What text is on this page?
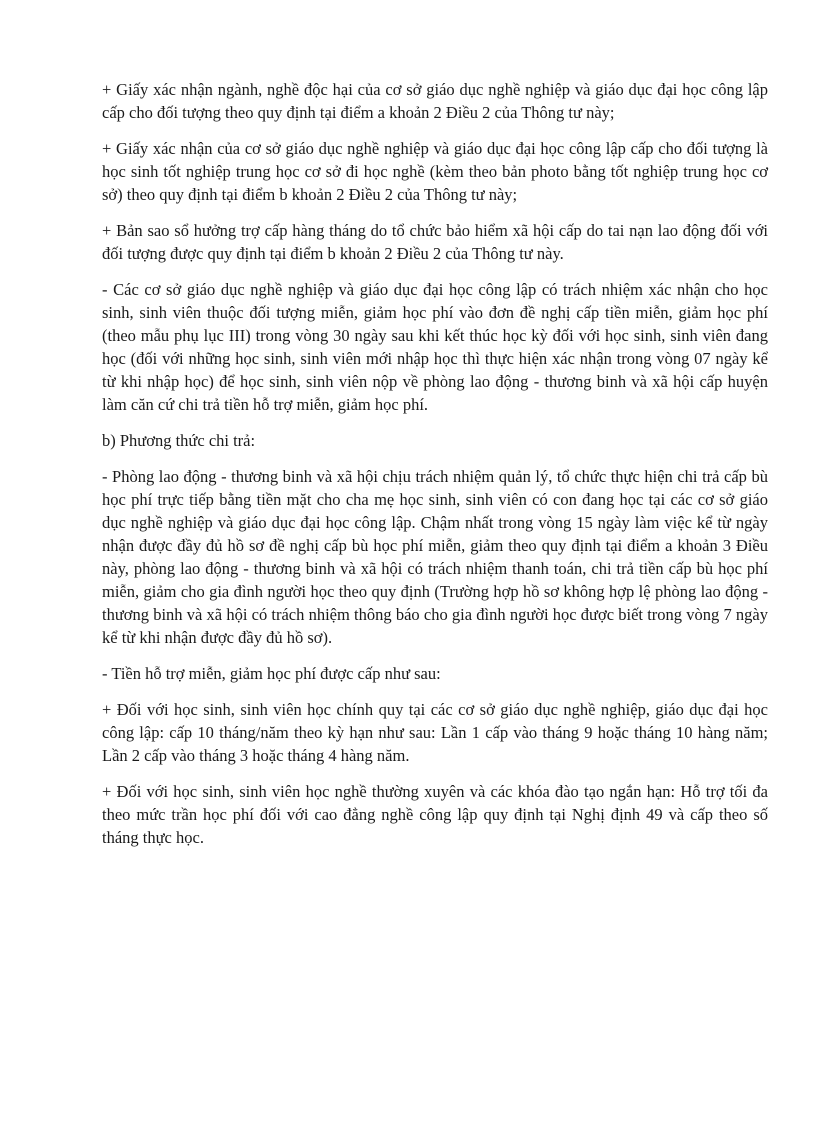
+ Giấy xác nhận ngành, nghề độc hại của cơ sở giáo dục nghề nghiệp và giáo dục đại học công lập cấp cho đối tượng theo quy định tại điểm a khoản 2 Điều 2 của Thông tư này;

+ Giấy xác nhận của cơ sở giáo dục nghề nghiệp và giáo dục đại học công lập cấp cho đối tượng là học sinh tốt nghiệp trung học cơ sở đi học nghề (kèm theo bản photo bằng tốt nghiệp trung học cơ sở) theo quy định tại điểm b khoản 2 Điều 2 của Thông tư này;

+ Bản sao sổ hưởng trợ cấp hàng tháng do tổ chức bảo hiểm xã hội cấp do tai nạn lao động đối với đối tượng được quy định tại điểm b khoản 2 Điều 2 của Thông tư này.

- Các cơ sở giáo dục nghề nghiệp và giáo dục đại học công lập có trách nhiệm xác nhận cho học sinh, sinh viên thuộc đối tượng miễn, giảm học phí vào đơn đề nghị cấp tiền miễn, giảm học phí (theo mẫu phụ lục III) trong vòng 30 ngày sau khi kết thúc học kỳ đối với học sinh, sinh viên đang học (đối với những học sinh, sinh viên mới nhập học thì thực hiện xác nhận trong vòng 07 ngày kể từ khi nhập học) để học sinh, sinh viên nộp về phòng lao động - thương binh và xã hội cấp huyện làm căn cứ chi trả tiền hỗ trợ miễn, giảm học phí.

b) Phương thức chi trả:

- Phòng lao động - thương binh và xã hội chịu trách nhiệm quản lý, tổ chức thực hiện chi trả cấp bù học phí trực tiếp bằng tiền mặt cho cha mẹ học sinh, sinh viên có con đang học tại các cơ sở giáo dục nghề nghiệp và giáo dục đại học công lập. Chậm nhất trong vòng 15 ngày làm việc kể từ ngày nhận được đầy đủ hồ sơ đề nghị cấp bù học phí miễn, giảm theo quy định tại điểm a khoản 3 Điều này, phòng lao động - thương binh và xã hội có trách nhiệm thanh toán, chi trả tiền cấp bù học phí miễn, giảm cho gia đình người học theo quy định (Trường hợp hồ sơ không hợp lệ phòng lao động - thương binh và xã hội có trách nhiệm thông báo cho gia đình người học được biết trong vòng 7 ngày kể từ khi nhận được đầy đủ hồ sơ).

- Tiền hỗ trợ miễn, giảm học phí được cấp như sau:

+ Đối với học sinh, sinh viên học chính quy tại các cơ sở giáo dục nghề nghiệp, giáo dục đại học công lập: cấp 10 tháng/năm theo kỳ hạn như sau: Lần 1 cấp vào tháng 9 hoặc tháng 10 hàng năm; Lần 2 cấp vào tháng 3 hoặc tháng 4 hàng năm.

+ Đối với học sinh, sinh viên học nghề thường xuyên và các khóa đào tạo ngắn hạn: Hỗ trợ tối đa theo mức trần học phí đối với cao đẳng nghề công lập quy định tại Nghị định 49 và cấp theo số tháng thực học.
